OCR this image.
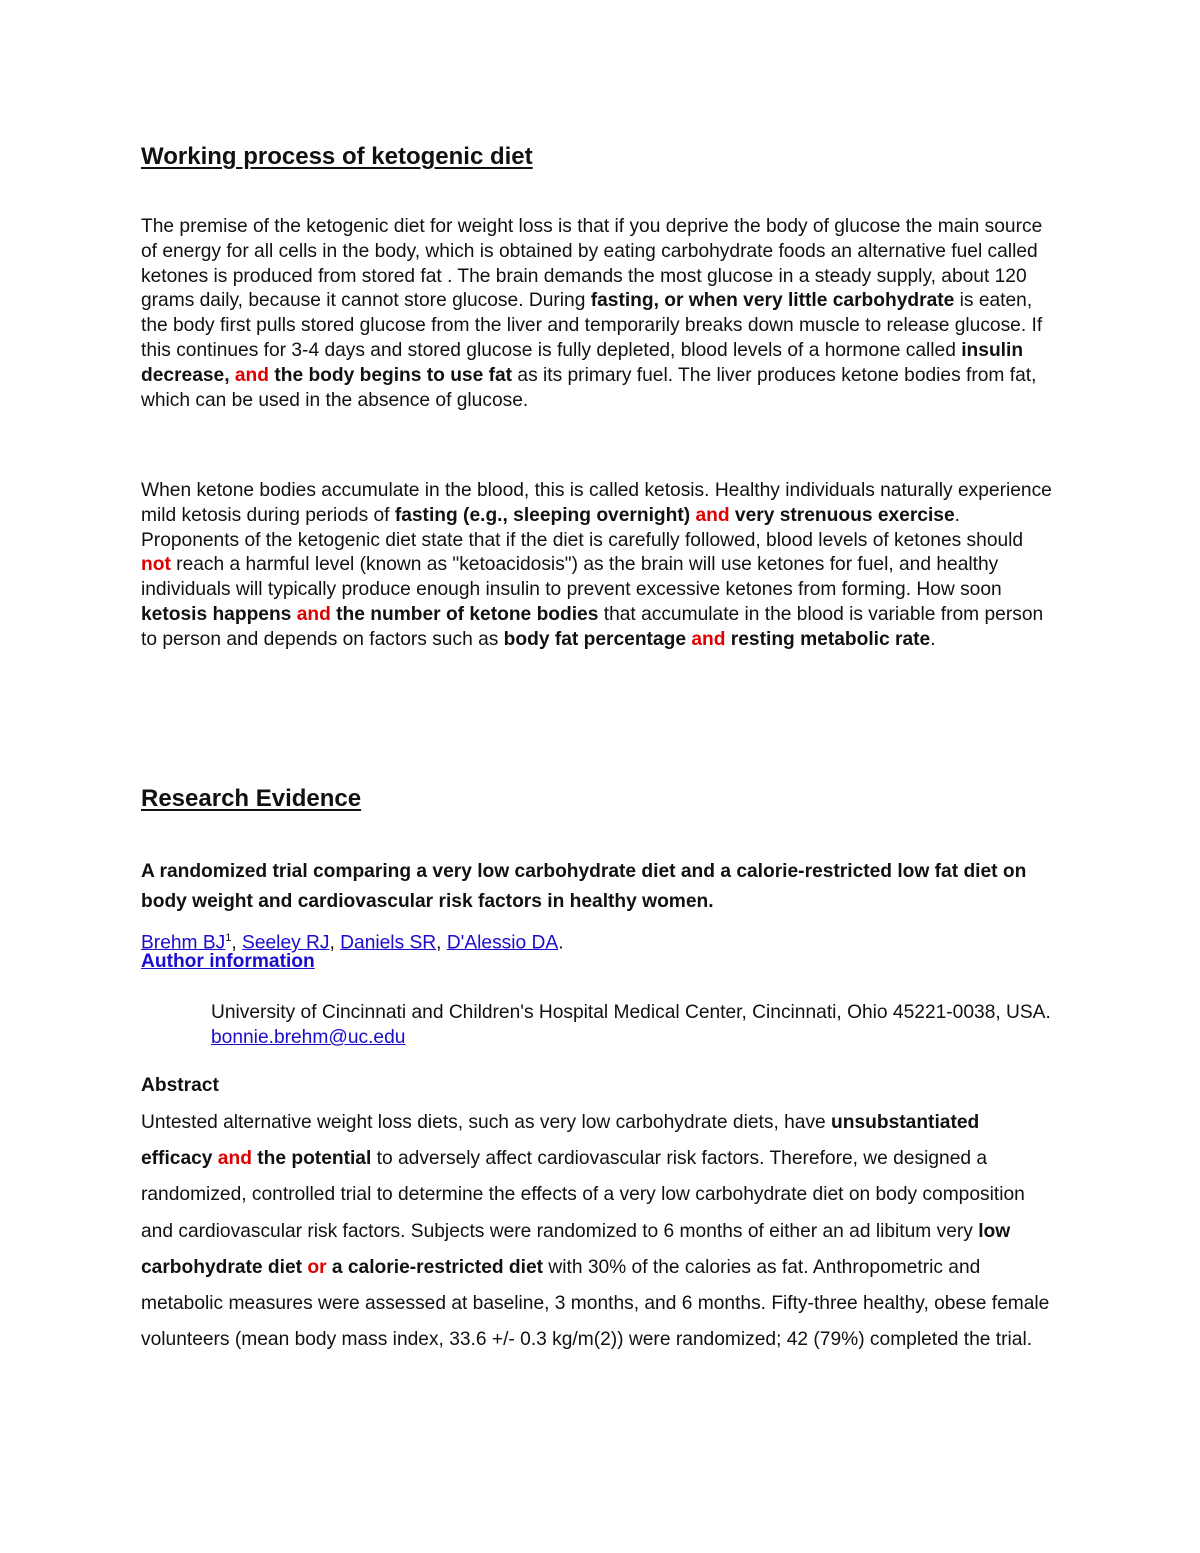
Working process of ketogenic diet

The premise of the ketogenic diet for weight loss is that if you deprive the body of glucose the main source of energy for all cells in the body, which is obtained by eating carbohydrate foods an alternative fuel called ketones is produced from stored fat . The brain demands the most glucose in a steady supply, about 120 grams daily, because it cannot store glucose. During fasting, or when very little carbohydrate is eaten, the body first pulls stored glucose from the liver and temporarily breaks down muscle to release glucose. If this continues for 3-4 days and stored glucose is fully depleted, blood levels of a hormone called insulin decrease, and the body begins to use fat as its primary fuel. The liver produces ketone bodies from fat, which can be used in the absence of glucose.

When ketone bodies accumulate in the blood, this is called ketosis. Healthy individuals naturally experience mild ketosis during periods of fasting (e.g., sleeping overnight) and very strenuous exercise. Proponents of the ketogenic diet state that if the diet is carefully followed, blood levels of ketones should not reach a harmful level (known as "ketoacidosis") as the brain will use ketones for fuel, and healthy individuals will typically produce enough insulin to prevent excessive ketones from forming. How soon ketosis happens and the number of ketone bodies that accumulate in the blood is variable from person to person and depends on factors such as body fat percentage and resting metabolic rate.

Research Evidence

A randomized trial comparing a very low carbohydrate diet and a calorie-restricted low fat diet on body weight and cardiovascular risk factors in healthy women.

Brehm $BJ^1$, Seeley RJ, Daniels SR, D'Alessio DA.
Author information

University of Cincinnati and Children's Hospital Medical Center, Cincinnati, Ohio 45221-0038, USA. bonnie.brehm@uc.edu

Abstract

Untested alternative weight loss diets, such as very low carbohydrate diets, have unsubstantiated efficacy and the potential to adversely affect cardiovascular risk factors. Therefore, we designed a randomized, controlled trial to determine the effects of a very low carbohydrate diet on body composition and cardiovascular risk factors. Subjects were randomized to 6 months of either an ad libitum very low carbohydrate diet or a calorie-restricted diet with 30% of the calories as fat. Anthropometric and metabolic measures were assessed at baseline, 3 months, and 6 months. Fifty-three healthy, obese female volunteers (mean body mass index, 33.6 +/- 0.3 kg/m(2)) were randomized; 42 (79%) completed the trial.
